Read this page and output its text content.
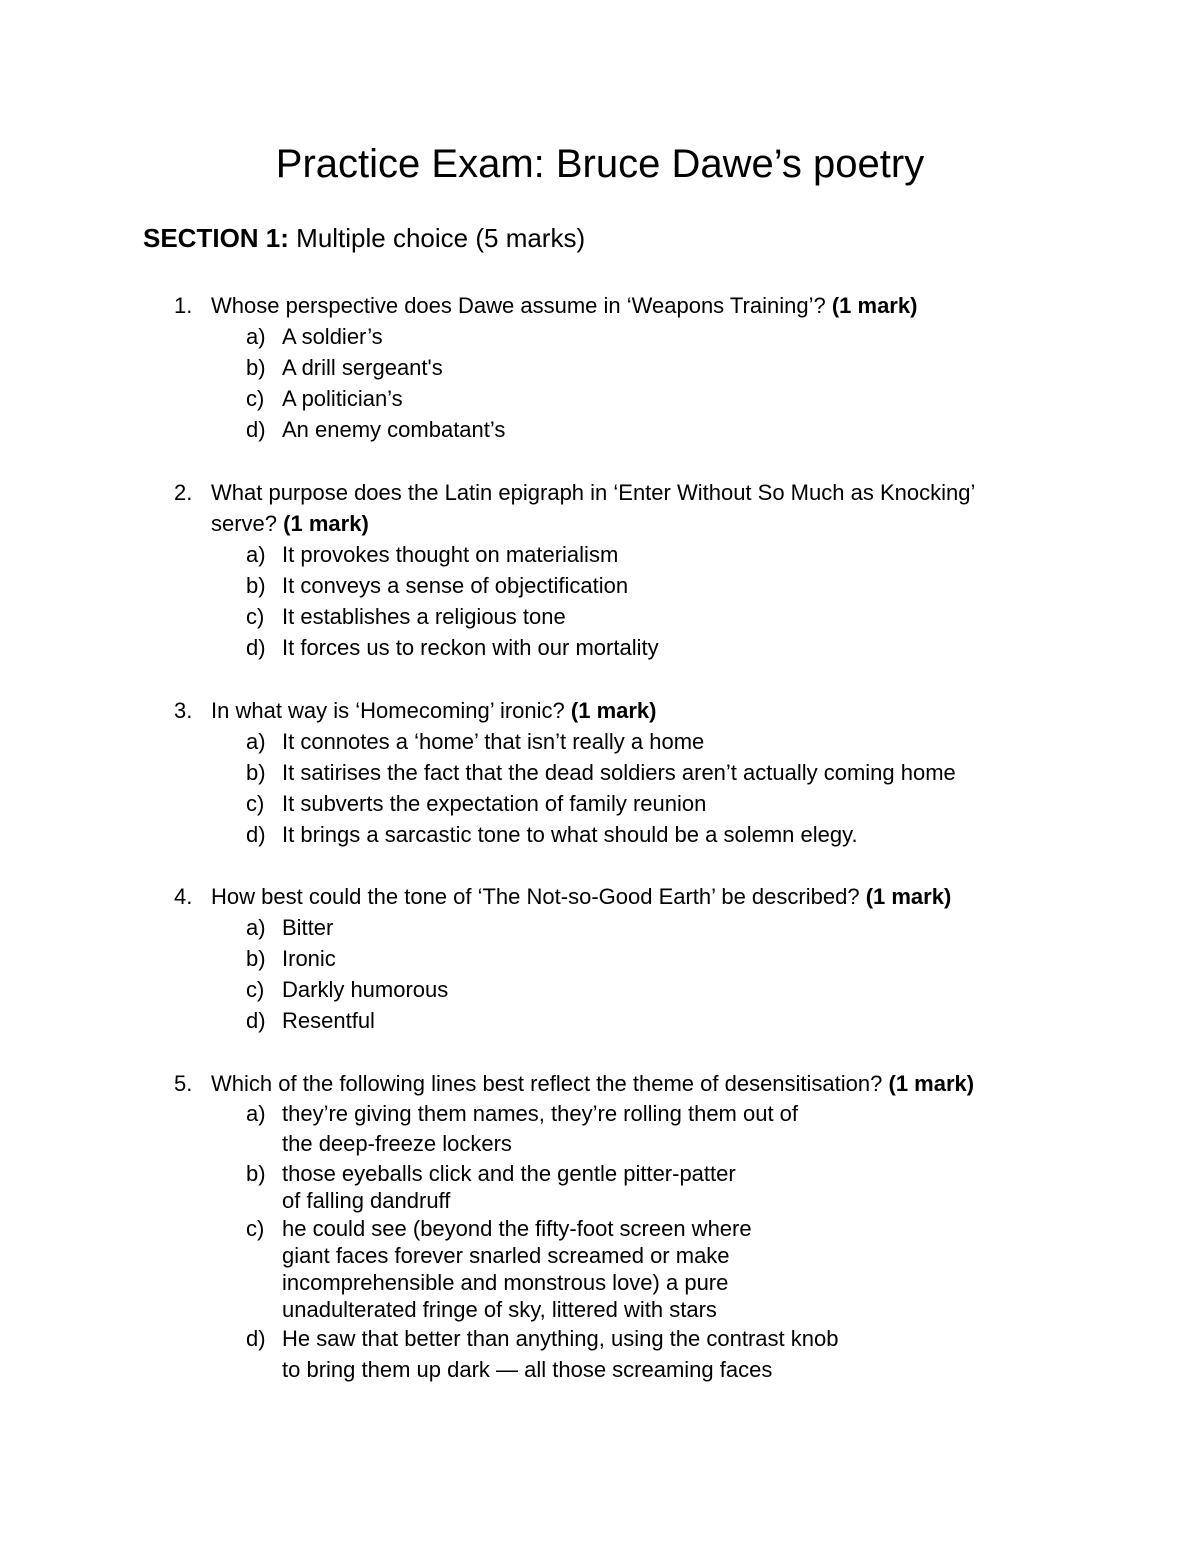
Practice Exam: Bruce Dawe’s poetry
SECTION 1: Multiple choice (5 marks)
1. Whose perspective does Dawe assume in ‘Weapons Training’? (1 mark)
a) A soldier’s
b) A drill sergeant's
c) A politician’s
d) An enemy combatant’s
2. What purpose does the Latin epigraph in ‘Enter Without So Much as Knocking’
serve? (1 mark)
a) It provokes thought on materialism
b) It conveys a sense of objectification
c) It establishes a religious tone
d) It forces us to reckon with our mortality
3. In what way is ‘Homecoming’ ironic? (1 mark)
a) It connotes a ‘home’ that isn’t really a home
b) It satirises the fact that the dead soldiers aren’t actually coming home
c) It subverts the expectation of family reunion
d) It brings a sarcastic tone to what should be a solemn elegy.
4. How best could the tone of ‘The Not-so-Good Earth’ be described? (1 mark)
a) Bitter
b) Ironic
c) Darkly humorous
d) Resentful
5. Which of the following lines best reflect the theme of desensitisation? (1 mark)
a) they’re giving them names, they’re rolling them out of
the deep-freeze lockers
b) those eyeballs click and the gentle pitter-patter
of falling dandruff
c) he could see (beyond the fifty-foot screen where
giant faces forever snarled screamed or make
incomprehensible and monstrous love) a pure
unadulterated fringe of sky, littered with stars
d) He saw that better than anything, using the contrast knob
to bring them up dark — all those screaming faces
